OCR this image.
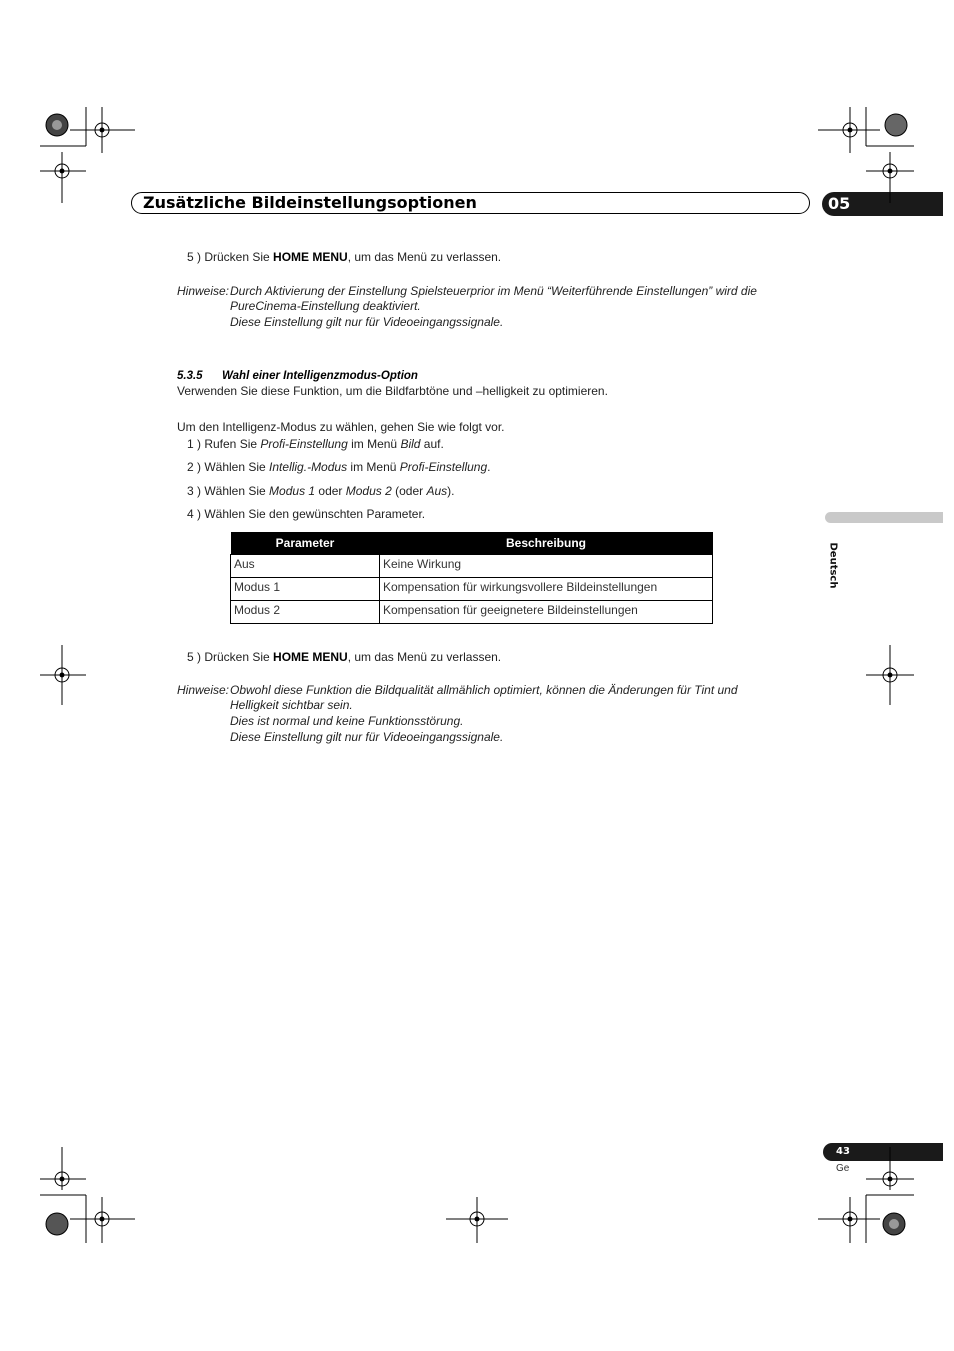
Zusätzliche Bildeinstellungsoptionen	05
Deutsch
5 ) Drücken Sie HOME MENU, um das Menü zu verlassen.
Hinweise: Durch Aktivierung der Einstellung Spielsteuerprior im Menü “Weiterführende Einstellungen” wird die
PureCinema-Einstellung deaktiviert.
Diese Einstellung gilt nur für Videoeingangssignale.
5.3.5 Wahl einer Intelligenzmodus-Option
Verwenden Sie diese Funktion, um die Bildfarbtöne und –helligkeit zu optimieren.
Um den Intelligenz-Modus zu wählen, gehen Sie wie folgt vor.
1 ) Rufen Sie Profi-Einstellung im Menü Bild auf.
2 ) Wählen Sie Intellig.-Modus im Menü Profi-Einstellung.
3 ) Wählen Sie Modus 1 oder Modus 2 (oder Aus).
4 ) Wählen Sie den gewünschten Parameter.
Parameter	Beschreibung
Aus	Keine Wirkung
Modus 1	Kompensation für wirkungsvollere Bildeinstellungen
Modus 2	Kompensation für geeignetere Bildeinstellungen
5 ) Drücken Sie HOME MENU, um das Menü zu verlassen.
Hinweise: Obwohl diese Funktion die Bildqualität allmählich optimiert, können die Änderungen für Tint und
Helligkeit sichtbar sein.
Dies ist normal und keine Funktionsstörung.
Diese Einstellung gilt nur für Videoeingangssignale.
43
Ge
